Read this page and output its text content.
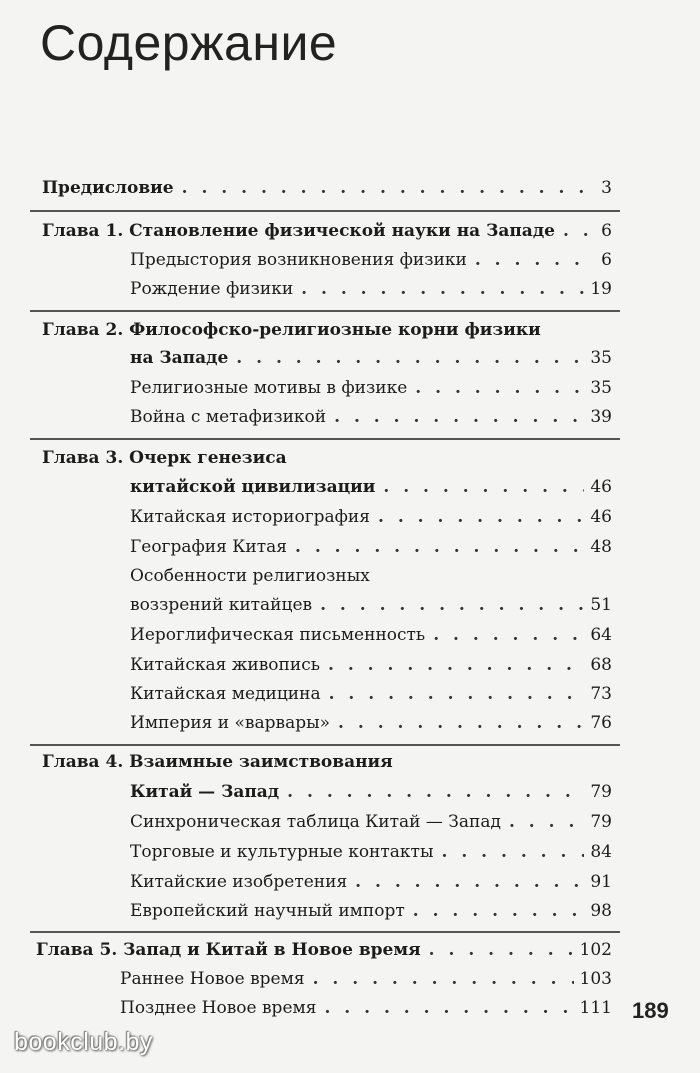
Содержание
Предисловие . . .	3
Глава 1. Становление физической науки на Западе . . .	6
Предыстория возникновения физики . . .	6
Рождение физики . . .	19
Глава 2. Философско-религиозные корни физики
на Западе . . .	35
Религиозные мотивы в физике . . .	35
Война с метафизикой . . .	39
Глава 3. Очерк генезиса
китайской цивилизации . . .	46
Китайская историография . . .	46
География Китая . . .	48
Особенности религиозных
воззрений китайцев . . .	51
Иероглифическая письменность . . .	64
Китайская живопись . . .	68
Китайская медицина . . .	73
Империя и «варвары» . . .	76
Глава 4. Взаимные заимствования
Китай — Запад . . .	79
Синхроническая таблица Китай — Запад . . .	79
Торговые и культурные контакты . . .	84
Китайские изобретения . . .	91
Европейский научный импорт . . .	98
Глава 5. Запад и Китай в Новое время . . .	102
Раннее Новое время . . .	103
Позднее Новое время . . .	111 189
bookclub.by
